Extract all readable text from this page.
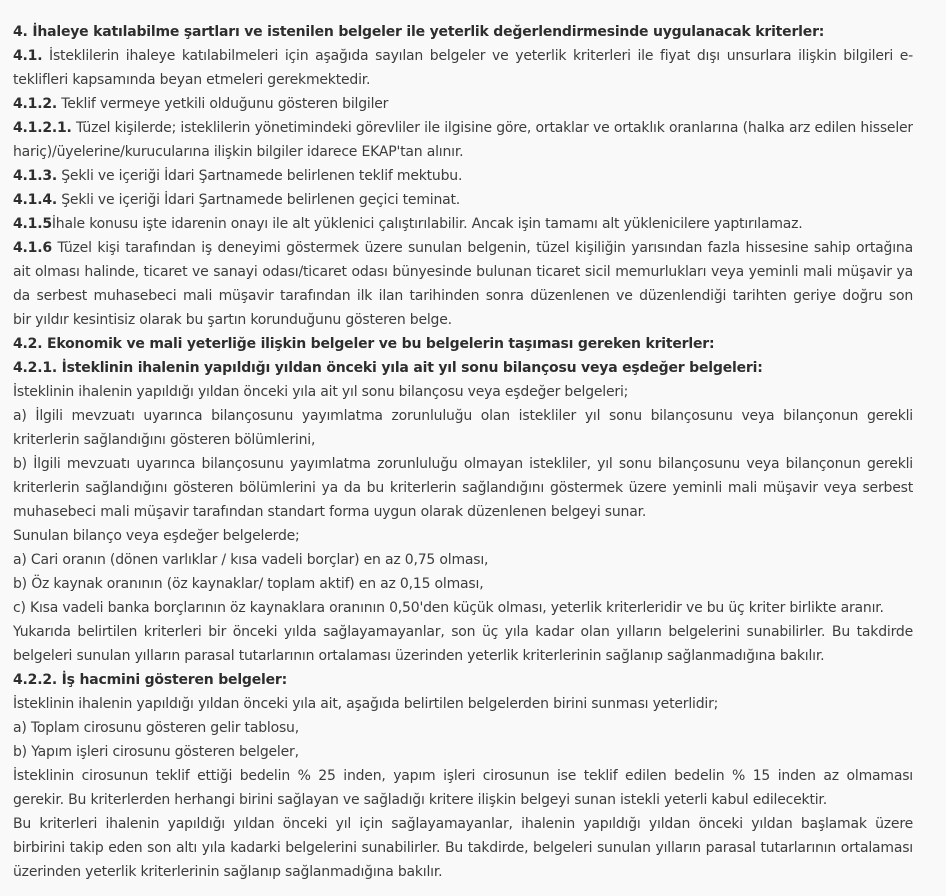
4. İhaleye katılabilme şartları ve istenilen belgeler ile yeterlik değerlendirmesinde uygulanacak kriterler:
4.1. İsteklilerin ihaleye katılabilmeleri için aşağıda sayılan belgeler ve yeterlik kriterleri ile fiyat dışı unsurlara ilişkin bilgileri e-
teklifleri kapsamında beyan etmeleri gerekmektedir.
4.1.2. Teklif vermeye yetkili olduğunu gösteren bilgiler
4.1.2.1. Tüzel kişilerde; isteklilerin yönetimindeki görevliler ile ilgisine göre, ortaklar ve ortaklık oranlarına (halka arz edilen hisseler
hariç)/üyelerine/kurucularına ilişkin bilgiler idarece EKAP'tan alınır.
4.1.3. Şekli ve içeriği İdari Şartnamede belirlenen teklif mektubu.
4.1.4. Şekli ve içeriği İdari Şartnamede belirlenen geçici teminat.
4.1.5İhale konusu işte idarenin onayı ile alt yüklenici çalıştırılabilir. Ancak işin tamamı alt yüklenicilere yaptırılamaz.
4.1.6 Tüzel kişi tarafından iş deneyimi göstermek üzere sunulan belgenin, tüzel kişiliğin yarısından fazla hissesine sahip ortağına
ait olması halinde, ticaret ve sanayi odası/ticaret odası bünyesinde bulunan ticaret sicil memurlukları veya yeminli mali müşavir ya
da serbest muhasebeci mali müşavir tarafından ilk ilan tarihinden sonra düzenlenen ve düzenlendiği tarihten geriye doğru son
bir yıldır kesintisiz olarak bu şartın korunduğunu gösteren belge.
4.2. Ekonomik ve mali yeterliğe ilişkin belgeler ve bu belgelerin taşıması gereken kriterler:
4.2.1. İsteklinin ihalenin yapıldığı yıldan önceki yıla ait yıl sonu bilançosu veya eşdeğer belgeleri:
İsteklinin ihalenin yapıldığı yıldan önceki yıla ait yıl sonu bilançosu veya eşdeğer belgeleri;
a) İlgili mevzuatı uyarınca bilançosunu yayımlatma zorunluluğu olan istekliler yıl sonu bilançosunu veya bilançonun gerekli
kriterlerin sağlandığını gösteren bölümlerini,
b) İlgili mevzuatı uyarınca bilançosunu yayımlatma zorunluluğu olmayan istekliler, yıl sonu bilançosunu veya bilançonun gerekli
kriterlerin sağlandığını gösteren bölümlerini ya da bu kriterlerin sağlandığını göstermek üzere yeminli mali müşavir veya serbest
muhasebeci mali müşavir tarafından standart forma uygun olarak düzenlenen belgeyi sunar.
Sunulan bilanço veya eşdeğer belgelerde;
a) Cari oranın (dönen varlıklar / kısa vadeli borçlar) en az 0,75 olması,
b) Öz kaynak oranının (öz kaynaklar/ toplam aktif) en az 0,15 olması,
c) Kısa vadeli banka borçlarının öz kaynaklara oranının 0,50'den küçük olması, yeterlik kriterleridir ve bu üç kriter birlikte aranır.
Yukarıda belirtilen kriterleri bir önceki yılda sağlayamayanlar, son üç yıla kadar olan yılların belgelerini sunabilirler. Bu takdirde
belgeleri sunulan yılların parasal tutarlarının ortalaması üzerinden yeterlik kriterlerinin sağlanıp sağlanmadığına bakılır.
4.2.2. İş hacmini gösteren belgeler:
İsteklinin ihalenin yapıldığı yıldan önceki yıla ait, aşağıda belirtilen belgelerden birini sunması yeterlidir;
a) Toplam cirosunu gösteren gelir tablosu,
b) Yapım işleri cirosunu gösteren belgeler,
İsteklinin cirosunun teklif ettiği bedelin % 25 inden, yapım işleri cirosunun ise teklif edilen bedelin % 15 inden az olmaması
gerekir. Bu kriterlerden herhangi birini sağlayan ve sağladığı kritere ilişkin belgeyi sunan istekli yeterli kabul edilecektir.
Bu kriterleri ihalenin yapıldığı yıldan önceki yıl için sağlayamayanlar, ihalenin yapıldığı yıldan önceki yıldan başlamak üzere
birbirini takip eden son altı yıla kadarki belgelerini sunabilirler. Bu takdirde, belgeleri sunulan yılların parasal tutarlarının ortalaması
üzerinden yeterlik kriterlerinin sağlanıp sağlanmadığına bakılır.
